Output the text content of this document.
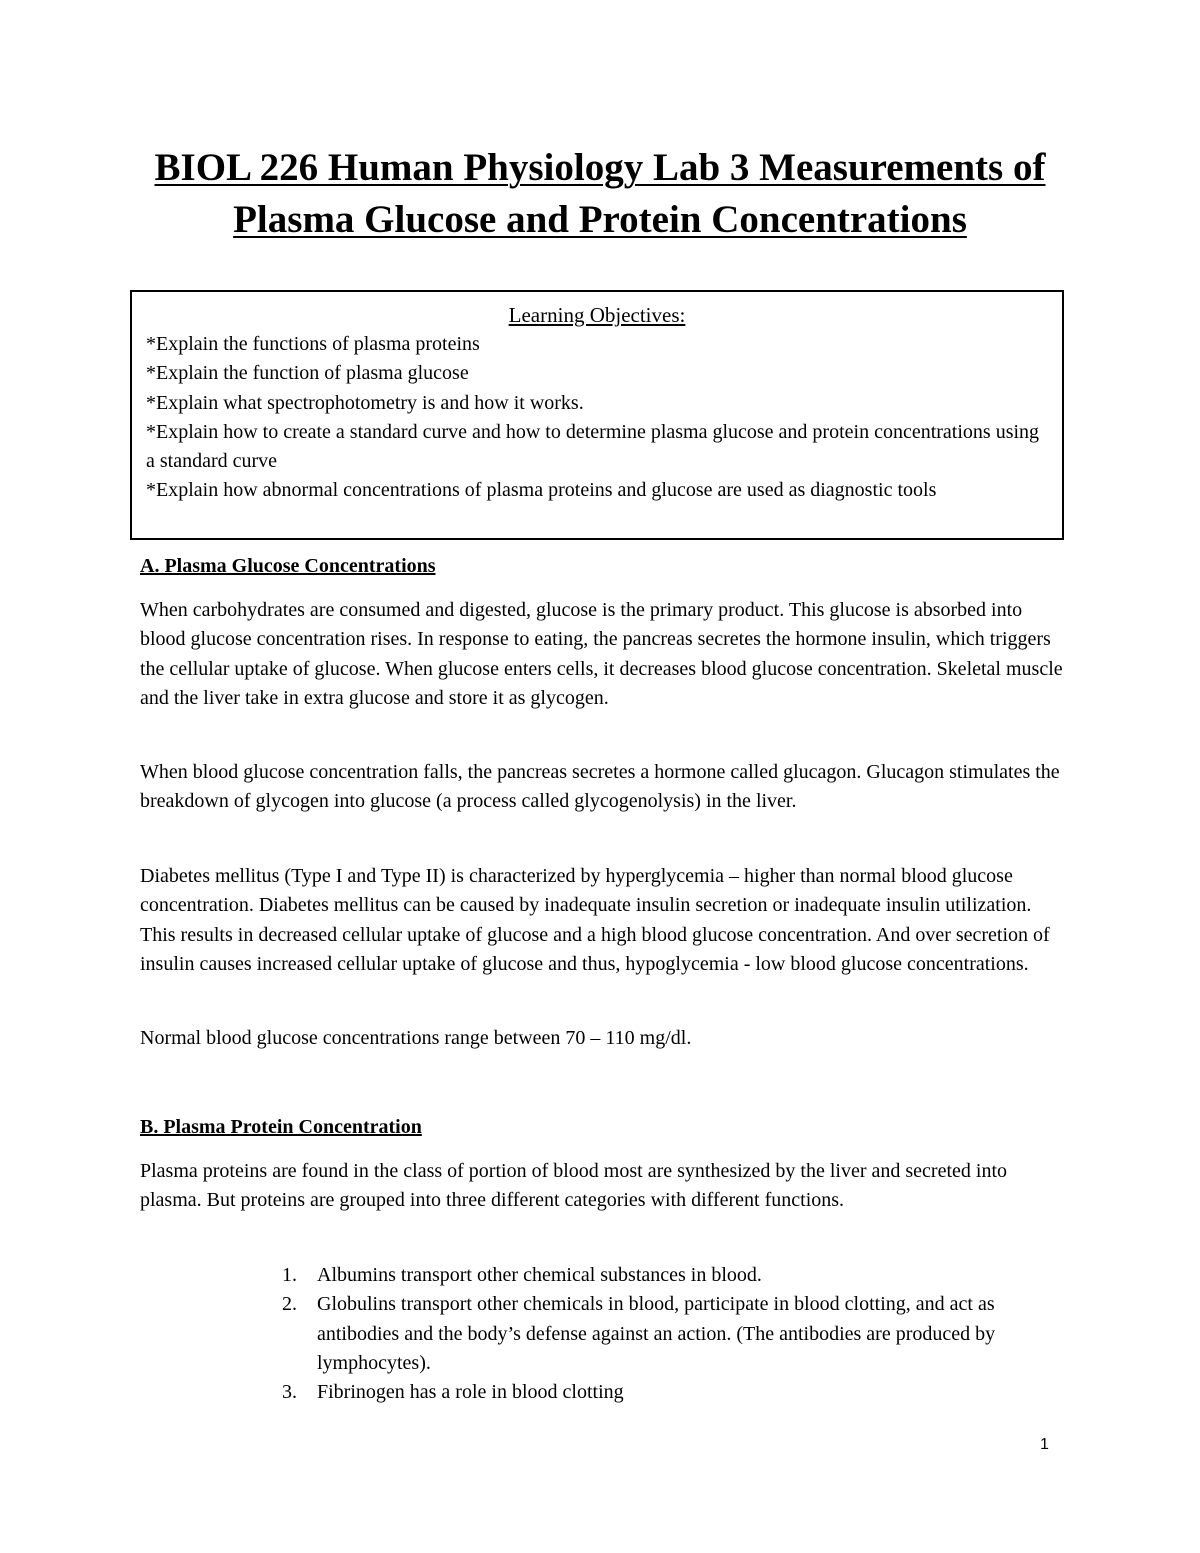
BIOL 226 Human Physiology Lab 3 Measurements of
Plasma Glucose and Protein Concentrations

Learning Objectives:

*Explain the functions of plasma proteins

*Explain the function of plasma glucose

*Explain what spectrophotometry is and how it works.

*Explain how to create a standard curve and how to determine plasma glucose and protein concentrations using a standard curve

*Explain how abnormal concentrations of plasma proteins and glucose are used as diagnostic tools

A. Plasma Glucose Concentrations

When carbohydrates are consumed and digested, glucose is the primary product. This glucose is absorbed into blood glucose concentration rises. In response to eating, the pancreas secretes the hormone insulin, which triggers the cellular uptake of glucose. When glucose enters cells, it decreases blood glucose concentration. Skeletal muscle and the liver take in extra glucose and store it as glycogen.

When blood glucose concentration falls, the pancreas secretes a hormone called glucagon. Glucagon stimulates the breakdown of glycogen into glucose (a process called glycogenolysis) in the liver.

Diabetes mellitus (Type I and Type II) is characterized by hyperglycemia – higher than normal blood glucose concentration. Diabetes mellitus can be caused by inadequate insulin secretion or inadequate insulin utilization. This results in decreased cellular uptake of glucose and a high blood glucose concentration. And over secretion of insulin causes increased cellular uptake of glucose and thus, hypoglycemia - low blood glucose concentrations.

Normal blood glucose concentrations range between 70 – 110 mg/dl.

B. Plasma Protein Concentration

Plasma proteins are found in the class of portion of blood most are synthesized by the liver and secreted into plasma. But proteins are grouped into three different categories with different functions.

1. Albumins transport other chemical substances in blood.
2. Globulins transport other chemicals in blood, participate in blood clotting, and act as antibodies and the body’s defense against an action. (The antibodies are produced by lymphocytes).
3. Fibrinogen has a role in blood clotting
1
